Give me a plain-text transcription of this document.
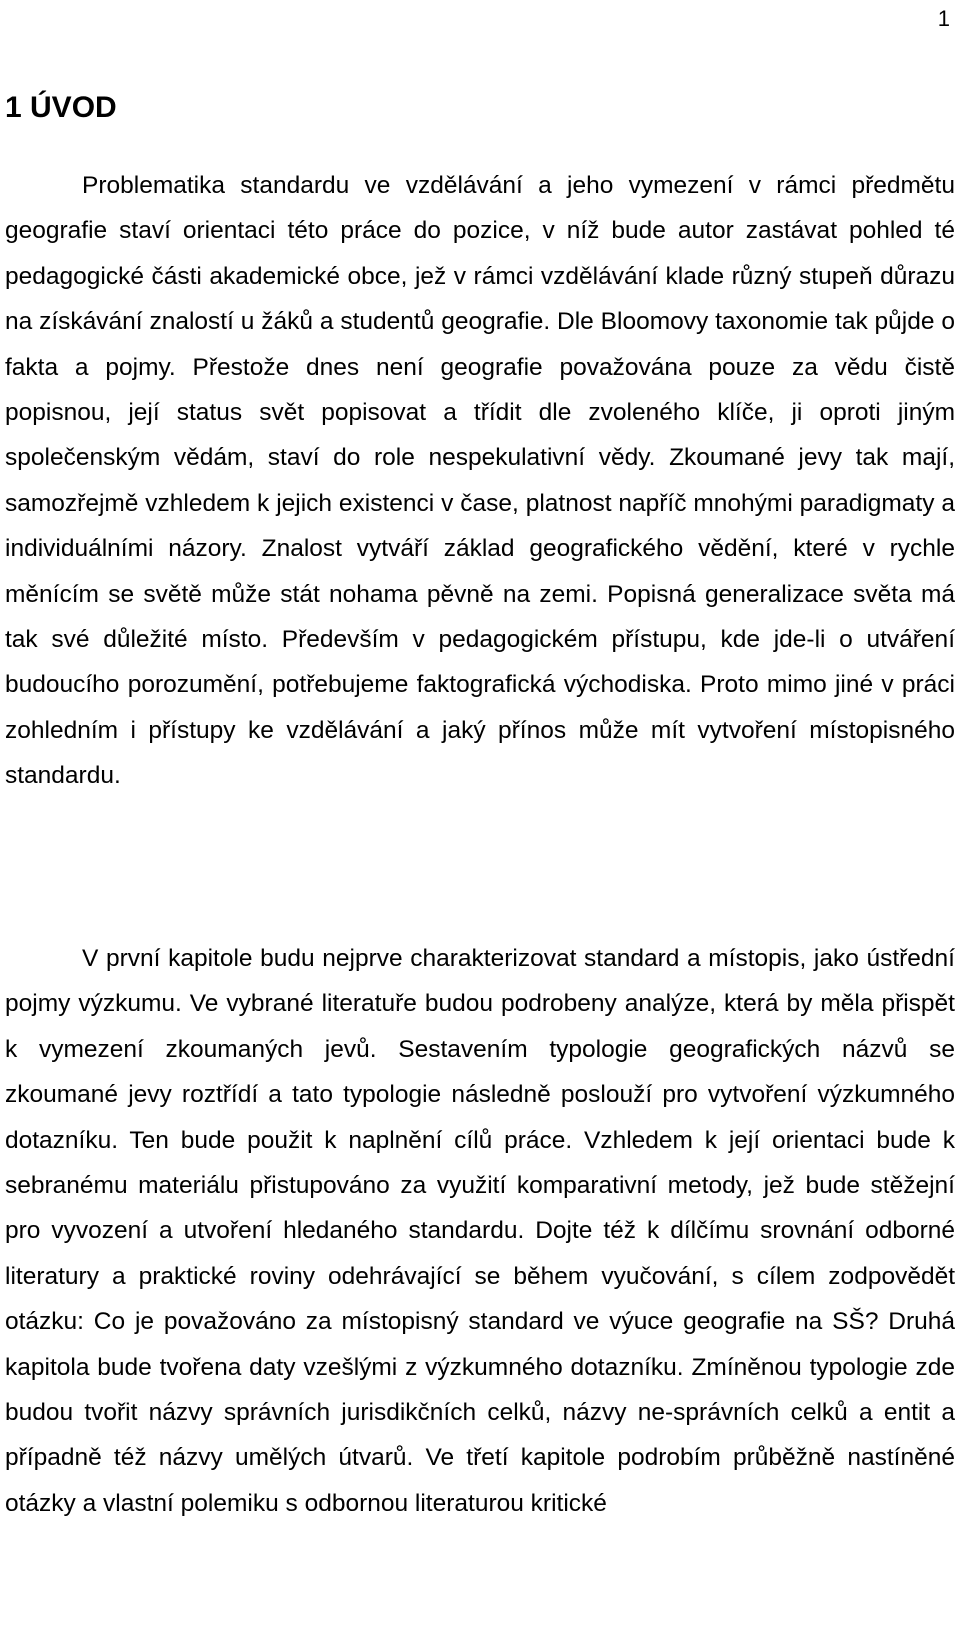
1
1 ÚVOD

Problematika standardu ve vzdělávání a jeho vymezení v rámci předmětu geografie staví orientaci této práce do pozice, v níž bude autor zastávat pohled té pedagogické části akademické obce, jež v rámci vzdělávání klade různý stupeň důrazu na získávání znalostí u žáků a studentů geografie. Dle Bloomovy taxonomie tak půjde o fakta a pojmy. Přestože dnes není geografie považována pouze za vědu čistě popisnou, její status svět popisovat a třídit dle zvoleného klíče, ji oproti jiným společenským vědám, staví do role nespekulativní vědy. Zkoumané jevy tak mají, samozřejmě vzhledem k jejich existenci v čase, platnost napříč mnohými paradigmaty a individuálními názory. Znalost vytváří základ geografického vědění, které v rychle měnícím se světě může stát nohama pěvně na zemi. Popisná generalizace světa má tak své důležité místo. Především v pedagogickém přístupu, kde jde-li o utváření budoucího porozumění, potřebujeme faktografická východiska. Proto mimo jiné v práci zohledním i přístupy ke vzdělávání a jaký přínos může mít vytvoření místopisného standardu.

V první kapitole budu nejprve charakterizovat standard a místopis, jako ústřední pojmy výzkumu. Ve vybrané literatuře budou podrobeny analýze, která by měla přispět k vymezení zkoumaných jevů. Sestavením typologie geografických názvů se zkoumané jevy roztřídí a tato typologie následně poslouží pro vytvoření výzkumného dotazníku. Ten bude použit k naplnění cílů práce. Vzhledem k její orientaci bude k sebranému materiálu přistupováno za využití komparativní metody, jež bude stěžejní pro vyvození a utvoření hledaného standardu. Dojte též k dílčímu srovnání odborné literatury a praktické roviny odehrávající se během vyučování, s cílem zodpovědět otázku: Co je považováno za místopisný standard ve výuce geografie na SŠ? Druhá kapitola bude tvořena daty vzešlými z výzkumného dotazníku. Zmíněnou typologie zde budou tvořit názvy správních jurisdikčních celků, názvy ne-správních celků a entit a případně též názvy umělých útvarů. Ve třetí kapitole podrobím průběžně nastíněné otázky a vlastní polemiku s odbornou literaturou kritické
